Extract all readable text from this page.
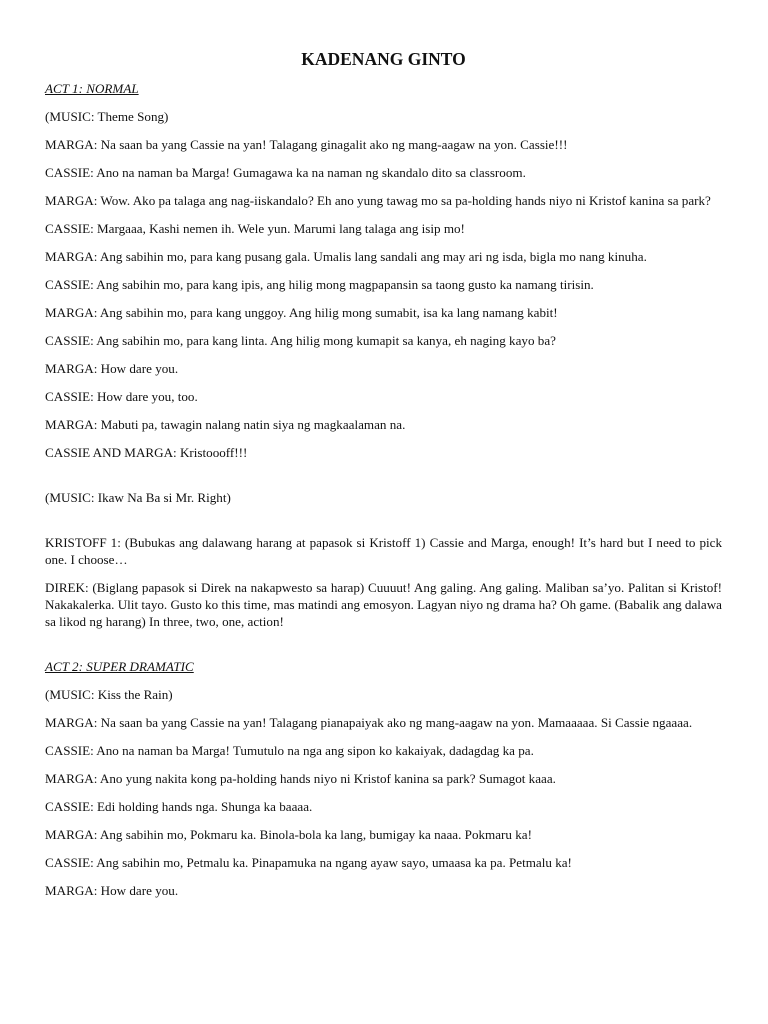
KADENANG GINTO
ACT 1: NORMAL

(MUSIC: Theme Song)

MARGA: Na saan ba yang Cassie na yan! Talagang ginagalit ako ng mang-aagaw na yon. Cassie!!!

CASSIE: Ano na naman ba Marga! Gumagawa ka na naman ng skandalo dito sa classroom.

MARGA: Wow. Ako pa talaga ang nag-iiskandalo? Eh ano yung tawag mo sa pa-holding hands niyo ni Kristof kanina sa park?

CASSIE: Margaaa, Kashi nemen ih. Wele yun. Marumi lang talaga ang isip mo!

MARGA: Ang sabihin mo, para kang pusang gala. Umalis lang sandali ang may ari ng isda, bigla mo nang kinuha.

CASSIE: Ang sabihin mo, para kang ipis, ang hilig mong magpapansin sa taong gusto ka namang tirisin.

MARGA: Ang sabihin mo, para kang unggoy. Ang hilig mong sumabit, isa ka lang namang kabit!

CASSIE: Ang sabihin mo, para kang linta. Ang hilig mong kumapit sa kanya, eh naging kayo ba?

MARGA: How dare you.

CASSIE: How dare you, too.

MARGA: Mabuti pa, tawagin nalang natin siya ng magkaalaman na.

CASSIE AND MARGA: Kristoooff!!!

(MUSIC: Ikaw Na Ba si Mr. Right)

KRISTOFF 1: (Bubukas ang dalawang harang at papasok si Kristoff 1) Cassie and Marga, enough! It’s hard but I need to pick one. I choose…

DIREK: (Biglang papasok si Direk na nakapwesto sa harap) Cuuuut! Ang galing. Ang galing. Maliban sa’yo. Palitan si Kristof! Nakakalerka. Ulit tayo. Gusto ko this time, mas matindi ang emosyon. Lagyan niyo ng drama ha? Oh game. (Babalik ang dalawa sa likod ng harang) In three, two, one, action!

ACT 2: SUPER DRAMATIC

(MUSIC: Kiss the Rain)

MARGA: Na saan ba yang Cassie na yan! Talagang pianapaiyak ako ng mang-aagaw na yon. Mamaaaaa. Si Cassie ngaaaa.

CASSIE: Ano na naman ba Marga! Tumutulo na nga ang sipon ko kakaiyak, dadagdag ka pa.

MARGA: Ano yung nakita kong pa-holding hands niyo ni Kristof kanina sa park? Sumagot kaaa.

CASSIE: Edi holding hands nga. Shunga ka baaaa.

MARGA: Ang sabihin mo, Pokmaru ka. Binola-bola ka lang, bumigay ka naaa. Pokmaru ka!

CASSIE: Ang sabihin mo, Petmalu ka. Pinapamuka na ngang ayaw sayo, umaasa ka pa. Petmalu ka!

MARGA: How dare you.
